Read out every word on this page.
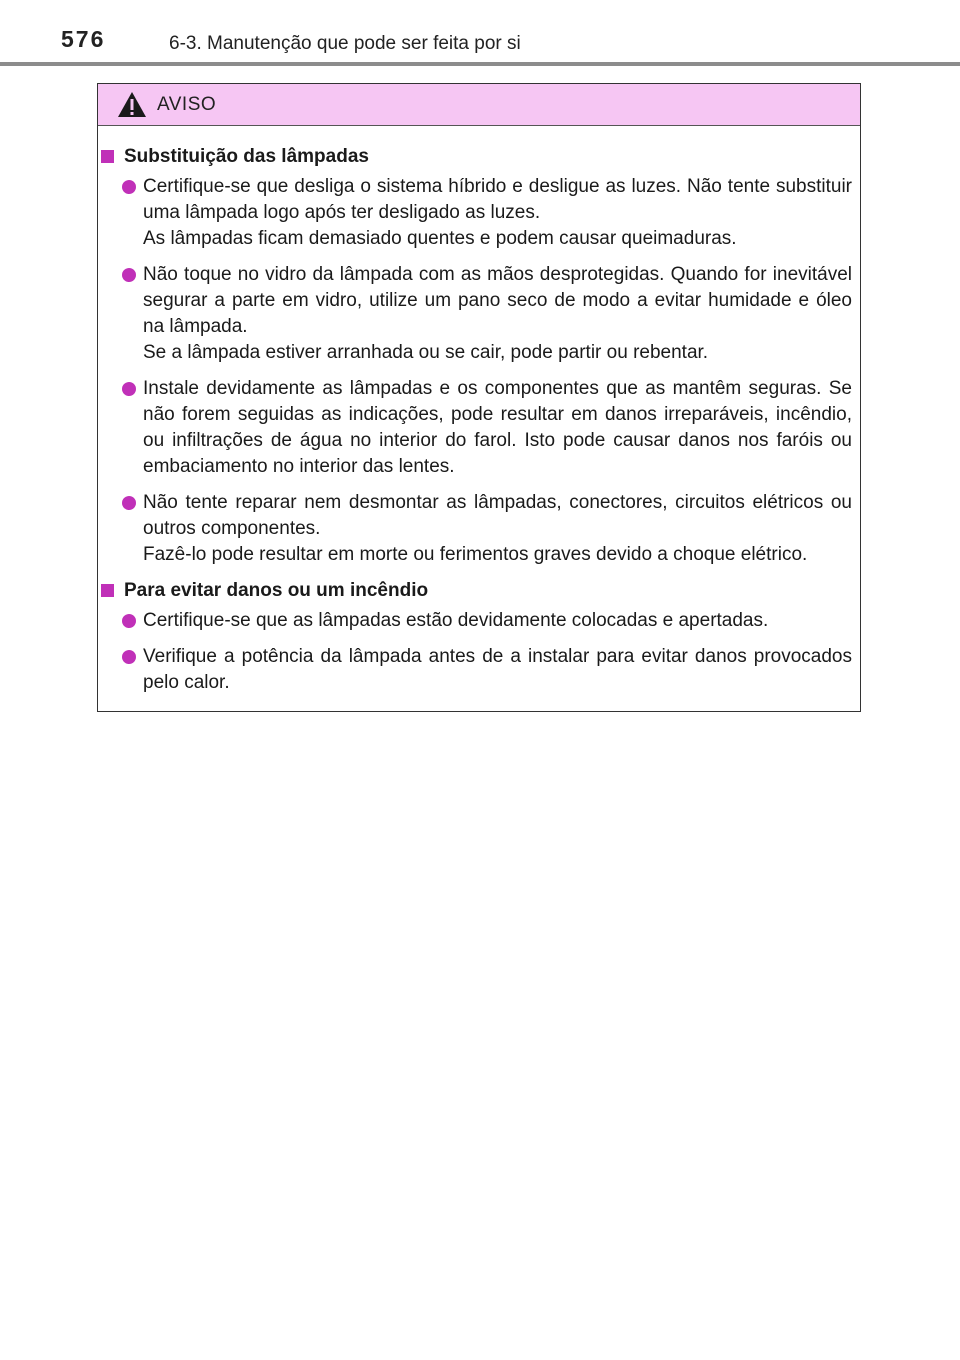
576	6-3. Manutenção que pode ser feita por si
AVISO
Substituição das lâmpadas

Certifique-se que desliga o sistema híbrido e desligue as luzes. Não tente substituir uma lâmpada logo após ter desligado as luzes.

As lâmpadas ficam demasiado quentes e podem causar queimaduras.

Não toque no vidro da lâmpada com as mãos desprotegidas. Quando for inevitável segurar a parte em vidro, utilize um pano seco de modo a evitar humidade e óleo na lâmpada.

Se a lâmpada estiver arranhada ou se cair, pode partir ou rebentar.

Instale devidamente as lâmpadas e os componentes que as mantêm seguras. Se não forem seguidas as indicações, pode resultar em danos irreparáveis, incêndio, ou infiltrações de água no interior do farol. Isto pode causar danos nos faróis ou embaciamento no interior das lentes.

Não tente reparar nem desmontar as lâmpadas, conectores, circuitos elétricos ou outros componentes.

Fazê-lo pode resultar em morte ou ferimentos graves devido a choque elétrico.

Para evitar danos ou um incêndio

Certifique-se que as lâmpadas estão devidamente colocadas e apertadas.

Verifique a potência da lâmpada antes de a instalar para evitar danos provocados pelo calor.
